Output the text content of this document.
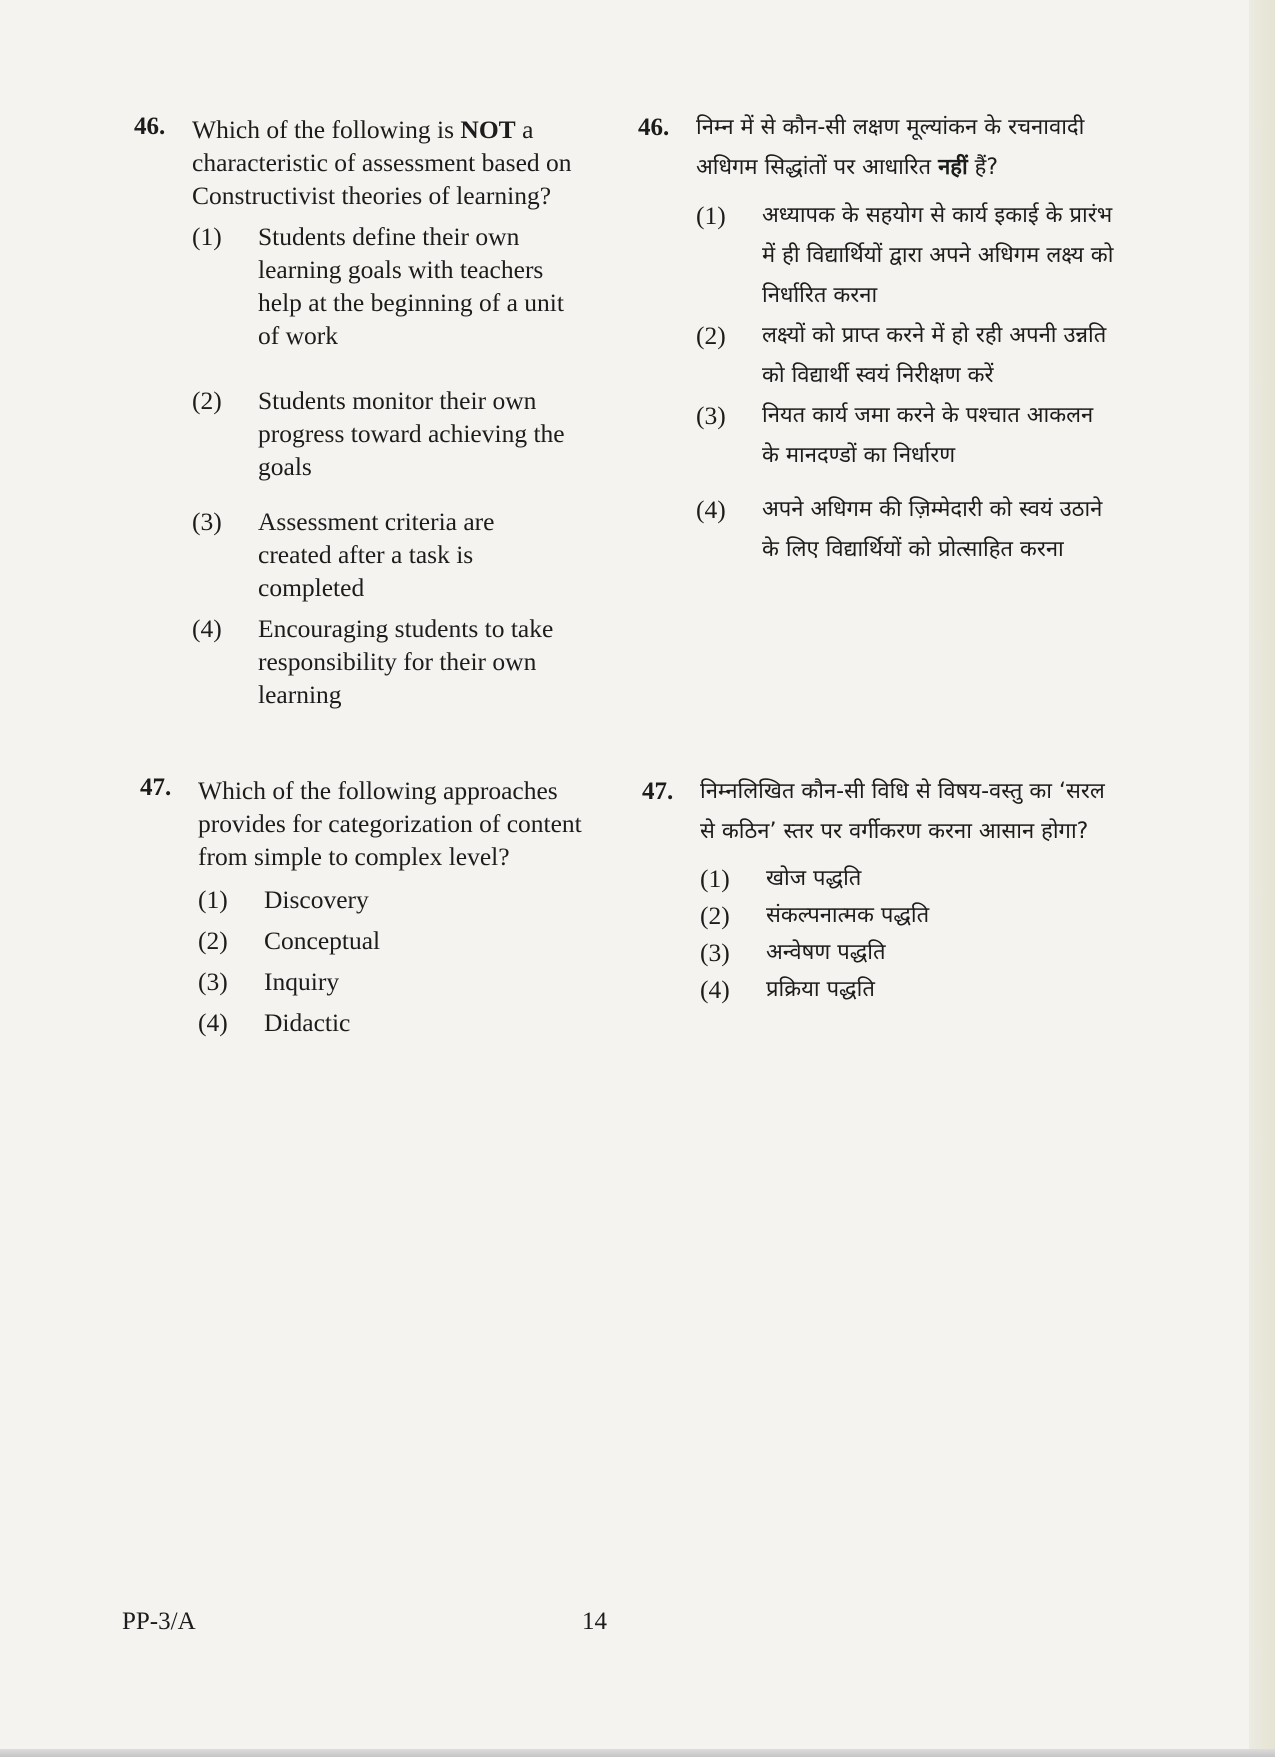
46. Which of the following is NOT a characteristic of assessment based on Constructivist theories of learning?
(1)	Students define their own learning goals with teachers help at the beginning of a unit of work
(2)	Students monitor their own progress toward achieving the goals
(3)	Assessment criteria are created after a task is completed
(4)	Encouraging students to take responsibility for their own learning
46. निम्न में से कौन-सी लक्षण मूल्यांकन के रचनावादी अधिगम सिद्धांतों पर आधारित नहीं हैं?
(1)	अध्यापक के सहयोग से कार्य इकाई के प्रारंभ में ही विद्यार्थियों द्वारा अपने अधिगम लक्ष्य को निर्धारित करना
(2)	लक्ष्यों को प्राप्त करने में हो रही अपनी उन्नति को विद्यार्थी स्वयं निरीक्षण करें
(3)	नियत कार्य जमा करने के पश्चात आकलन के मानदण्डों का निर्धारण
(4)	अपने अधिगम की ज़िम्मेदारी को स्वयं उठाने के लिए विद्यार्थियों को प्रोत्साहित करना
47. Which of the following approaches provides for categorization of content from simple to complex level?
(1)	Discovery
(2)	Conceptual
(3)	Inquiry
(4)	Didactic
47. निम्नलिखित कौन-सी विधि से विषय-वस्तु का ‘सरल से कठिन’ स्तर पर वर्गीकरण करना आसान होगा?
(1)	खोज पद्धति
(2)	संकल्पनात्मक पद्धति
(3)	अन्वेषण पद्धति
(4)	प्रक्रिया पद्धति
PP-3/A	14
